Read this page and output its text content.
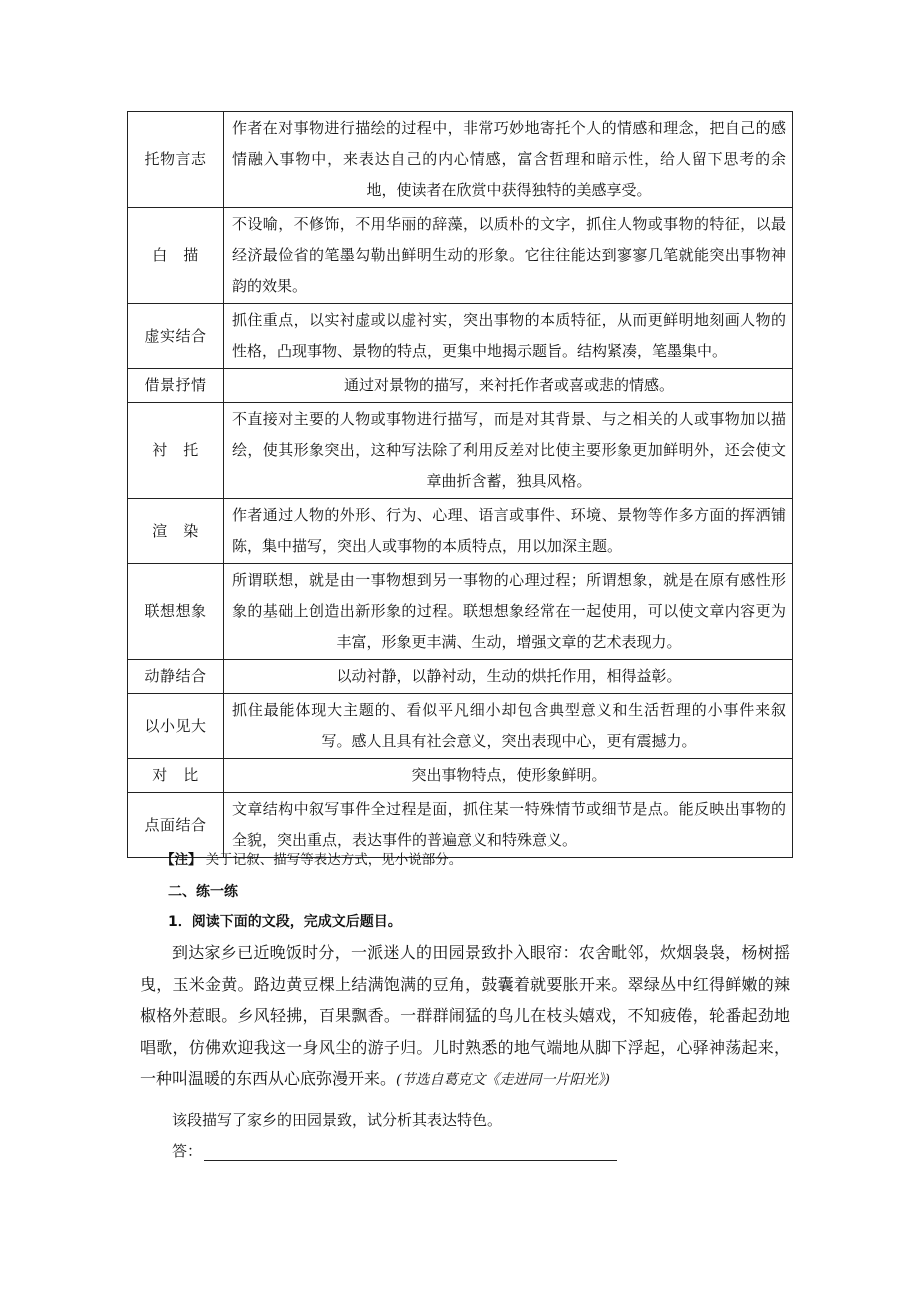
托物言志	作者在对事物进行描绘的过程中，非常巧妙地寄托个人的情感和理念，把自己的感情融入事物中，来表达自己的内心情感，富含哲理和暗示性，给人留下思考的余地，使读者在欣赏中获得独特的美感享受。
白　描	不设喻，不修饰，不用华丽的辞藻，以质朴的文字，抓住人物或事物的特征，以最经济最俭省的笔墨勾勒出鲜明生动的形象。它往往能达到寥寥几笔就能突出事物神韵的效果。
虚实结合	抓住重点，以实衬虚或以虚衬实，突出事物的本质特征，从而更鲜明地刻画人物的性格，凸现事物、景物的特点，更集中地揭示题旨。结构紧凑，笔墨集中。
借景抒情	通过对景物的描写，来衬托作者或喜或悲的情感。
衬　托	不直接对主要的人物或事物进行描写，而是对其背景、与之相关的人或事物加以描绘，使其形象突出，这种写法除了利用反差对比使主要形象更加鲜明外，还会使文章曲折含蓄，独具风格。
渲　染	作者通过人物的外形、行为、心理、语言或事件、环境、景物等作多方面的挥洒铺陈，集中描写，突出人或事物的本质特点，用以加深主题。
联想想象	所谓联想，就是由一事物想到另一事物的心理过程；所谓想象，就是在原有感性形象的基础上创造出新形象的过程。联想想象经常在一起使用，可以使文章内容更为丰富，形象更丰满、生动，增强文章的艺术表现力。
动静结合	以动衬静，以静衬动，生动的烘托作用，相得益彰。
以小见大	抓住最能体现大主题的、看似平凡细小却包含典型意义和生活哲理的小事件来叙写。感人且具有社会意义，突出表现中心，更有震撼力。
对　比	突出事物特点，使形象鲜明。
点面结合	文章结构中叙写事件全过程是面，抓住某一特殊情节或细节是点。能反映出事物的全貌，突出重点，表达事件的普遍意义和特殊意义。
【注】 关于记叙、描写等表达方式，见小说部分。
二、练一练
1．阅读下面的文段，完成文后题目。

到达家乡已近晚饭时分，一派迷人的田园景致扑入眼帘：农舍毗邻，炊烟袅袅，杨树摇曳，玉米金黄。路边黄豆棵上结满饱满的豆角，鼓囊着就要胀开来。翠绿丛中红得鲜嫩的辣椒格外惹眼。乡风轻拂，百果飘香。一群群闹猛的鸟儿在枝头嬉戏，不知疲倦，轮番起劲地唱歌，仿佛欢迎我这一身风尘的游子归。儿时熟悉的地气端地从脚下浮起，心驿神荡起来，一种叫温暖的东西从心底弥漫开来。(节选自葛克文《走进同一片阳光》)

该段描写了家乡的田园景致，试分析其表达特色。
答：
